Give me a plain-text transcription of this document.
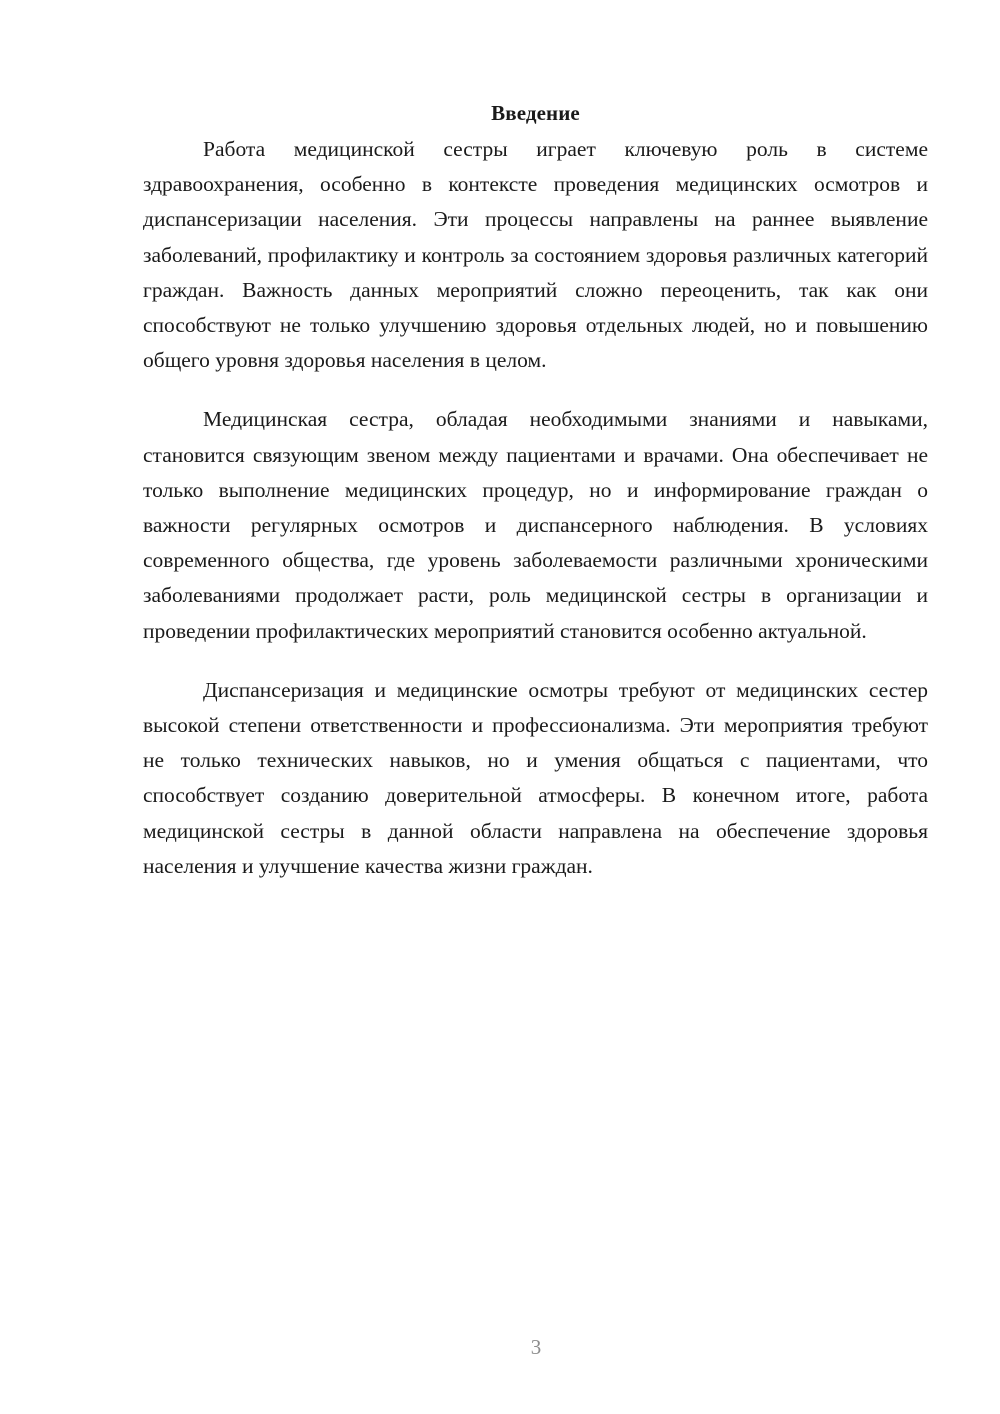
Введение

Работа медицинской сестры играет ключевую роль в системе здравоохранения, особенно в контексте проведения медицинских осмотров и диспансеризации населения. Эти процессы направлены на раннее выявление заболеваний, профилактику и контроль за состоянием здоровья различных категорий граждан. Важность данных мероприятий сложно переоценить, так как они способствуют не только улучшению здоровья отдельных людей, но и повышению общего уровня здоровья населения в целом.

Медицинская сестра, обладая необходимыми знаниями и навыками, становится связующим звеном между пациентами и врачами. Она обеспечивает не только выполнение медицинских процедур, но и информирование граждан о важности регулярных осмотров и диспансерного наблюдения. В условиях современного общества, где уровень заболеваемости различными хроническими заболеваниями продолжает расти, роль медицинской сестры в организации и проведении профилактических мероприятий становится особенно актуальной.

Диспансеризация и медицинские осмотры требуют от медицинских сестер высокой степени ответственности и профессионализма. Эти мероприятия требуют не только технических навыков, но и умения общаться с пациентами, что способствует созданию доверительной атмосферы. В конечном итоге, работа медицинской сестры в данной области направлена на обеспечение здоровья населения и улучшение качества жизни граждан.

3
